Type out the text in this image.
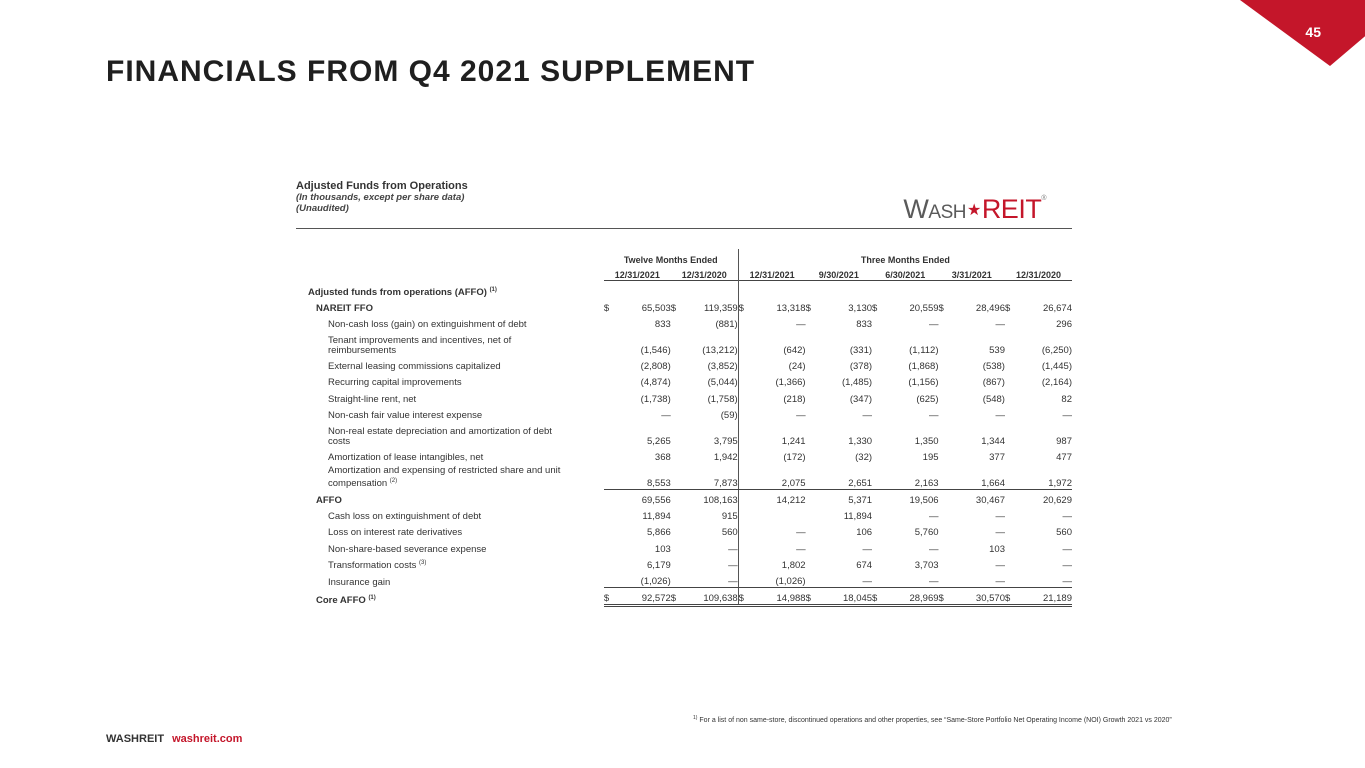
45
FINANCIALS FROM Q4 2021 SUPPLEMENT
Adjusted Funds from Operations
(In thousands, except per share data)
(Unaudited)	WASH★REIT®
	Twelve Months Ended				Three Months Ended									

	12/31/2021		12/31/2020		12/31/2021		9/30/2021		6/30/2021		3/31/2021		12/31/2020	

Adjusted funds from operations (AFFO) $^{(1)}$														
NAREIT FFO	$	65,503	$	119,359	$	13,318	$	3,130	$	20,559	$	28,496	$	26,674
Non-cash loss (gain) on extinguishment of debt		833		(881)		—		833		—		—		296
Tenant improvements and incentives, net of
reimbursements		(1,546)		(13,212)		(642)		(331)		(1,112)		539		(6,250)
External leasing commissions capitalized		(2,808)		(3,852)		(24)		(378)		(1,868)		(538)		(1,445)
Recurring capital improvements		(4,874)		(5,044)		(1,366)		(1,485)		(1,156)		(867)		(2,164)
Straight-line rent, net		(1,738)		(1,758)		(218)		(347)		(625)		(548)		82
Non-cash fair value interest expense		—		(59)		—		—		—		—		—
Non-real estate depreciation and amortization of debt
costs		5,265		3,795		1,241		1,330		1,350		1,344		987
Amortization of lease intangibles, net		368		1,942		(172)		(32)		195		377		477
Amortization and expensing of restricted share and unit
compensation $^{(2)}$		8,553		7,873		2,075		2,651		2,163		1,664		1,972
AFFO		69,556		108,163		14,212		5,371		19,506		30,467		20,629
Cash loss on extinguishment of debt		11,894		915				11,894		—		—		—
Loss on interest rate derivatives		5,866		560		—		106		5,760		—		560
Non-share-based severance expense		103		—		—		—		—		103		—
Transformation costs $^{(3)}$		6,179		—		1,802		674		3,703		—		—
Insurance gain		(1,026)		—		(1,026)		—		—		—		—
Core AFFO $^{(1)}$	$	92,572	$	109,638	$	14,988	$	18,045	$	28,969	$	30,570	$	21,189
$^{1)}$ For a list of non same-store, discontinued operations and other properties, see “Same-Store Portfolio Net Operating Income (NOI) Growth 2021 vs 2020”
WASHREIT washreit.com
